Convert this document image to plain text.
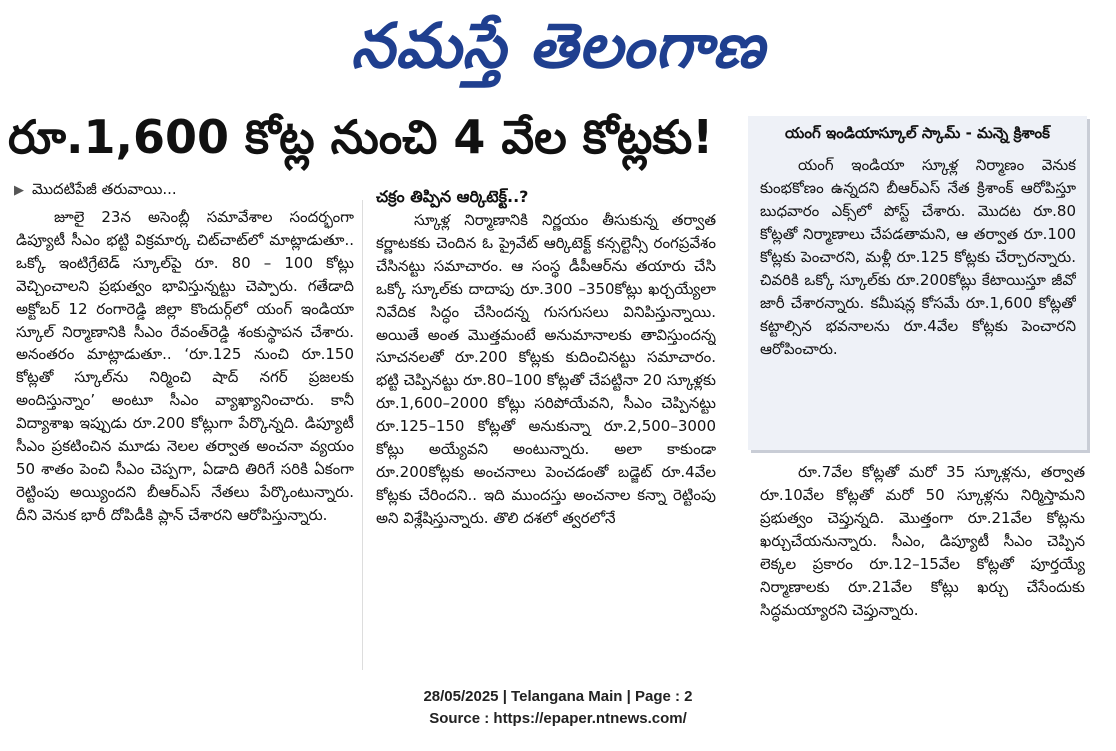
నమస్తే తెలంగాణ
రూ.1,600 కోట్ల నుంచి 4 వేల కోట్లకు!
▶ మొదటిపేజీ తరువాయి...

జూలై 23న అసెంబ్లీ సమావేశాల సందర్భంగా డిప్యూటీ సీఎం భట్టి విక్రమార్క చిట్‌చాట్‌లో మాట్లాడుతూ.. ఒక్కో ఇంటిగ్రేటెడ్ స్కూల్‌పై రూ. 80 – 100 కోట్లు వెచ్చించాలని ప్రభుత్వం భావిస్తున్నట్టు చెప్పారు. గతేడాది అక్టోబర్ 12 రంగారెడ్డి జిల్లా కొందుర్గ్‌లో యంగ్ ఇండియా స్కూల్ నిర్మాణానికి సీఎం రేవంత్‌రెడ్డి శంకుస్థాపన చేశారు. అనంతరం మాట్లాడుతూ.. ‘రూ.125 నుంచి రూ.150 కోట్లతో స్కూల్‌ను నిర్మించి షాద్ నగర్ ప్రజలకు అందిస్తున్నాం’ అంటూ సీఎం వ్యాఖ్యానించారు. కానీ విద్యాశాఖ ఇప్పుడు రూ.200 కోట్లుగా పేర్కొన్నది. డిప్యూటీ సీఎం ప్రకటించిన మూడు నెలల తర్వాత అంచనా వ్యయం 50 శాతం పెంచి సీఎం చెప్పగా, ఏడాది తిరిగే సరికి ఏకంగా రెట్టింపు అయ్యిందని బీఆర్‌ఎస్ నేతలు పేర్కొంటున్నారు. దీని వెనుక భారీ దోపిడీకి ప్లాన్ చేశారని ఆరోపిస్తున్నారు.

చక్రం తిప్పిన ఆర్కిటెక్ట్..?

స్కూళ్ల నిర్మాణానికి నిర్ణయం తీసుకున్న తర్వాత కర్ణాటకకు చెందిన ఓ ప్రైవేట్ ఆర్కిటెక్ట్ కన్సల్టెన్సీ రంగప్రవేశం చేసినట్టు సమాచారం. ఆ సంస్థ డీపీఆర్‌ను తయారు చేసి ఒక్కో స్కూల్‌కు దాదాపు రూ.300 –350కోట్లు ఖర్చయ్యేలా నివేదిక సిద్ధం చేసిందన్న గుసగుసలు వినిపిస్తున్నాయి. అయితే అంత మొత్తమంటే అనుమానాలకు తావిస్తుందన్న సూచనలతో రూ.200 కోట్లకు కుదించినట్టు సమాచారం. భట్టి చెప్పినట్టు రూ.80–100 కోట్లతో చేపట్టినా 20 స్కూళ్లకు రూ.1,600–2000 కోట్లు సరిపోయేవని, సీఎం చెప్పినట్టు రూ.125–150 కోట్లతో అనుకున్నా రూ.2,500–3000 కోట్లు అయ్యేవని అంటున్నారు. అలా కాకుండా రూ.200కోట్లకు అంచనాలు పెంచడంతో బడ్జెట్ రూ.4వేల కోట్లకు చేరిందని.. ఇది ముందస్తు అంచనాల కన్నా రెట్టింపు అని విశ్లేషిస్తున్నారు. తొలి దశలో త్వరలోనే

యంగ్ ఇండియాస్కూల్ స్కామ్ - మన్నె క్రిశాంక్

యంగ్ ఇండియా స్కూళ్ల నిర్మాణం వెనుక కుంభకోణం ఉన్నదని బీఆర్‌ఎస్ నేత క్రిశాంక్ ఆరోపిస్తూ బుధవారం ఎక్స్‌లో పోస్ట్ చేశారు. మొదట రూ.80 కోట్లతో నిర్మాణాలు చేపడతామని, ఆ తర్వాత రూ.100 కోట్లకు పెంచారని, మళ్లీ రూ.125 కోట్లకు చేర్చారన్నారు. చివరికి ఒక్కో స్కూల్‌కు రూ.200కోట్లు కేటాయిస్తూ జీవో జారీ చేశారన్నారు. కమీషన్ల కోసమే రూ.1,600 కోట్లతో కట్టాల్సిన భవనాలను రూ.4వేల కోట్లకు పెంచారని ఆరోపించారు.

రూ.7వేల కోట్లతో మరో 35 స్కూళ్లను, తర్వాత రూ.10వేల కోట్లతో మరో 50 స్కూళ్లను నిర్మిస్తామని ప్రభుత్వం చెప్తున్నది. మొత్తంగా రూ.21వేల కోట్లను ఖర్చుచేయనున్నారు. సీఎం, డిప్యూటీ సీఎం చెప్పిన లెక్కల ప్రకారం రూ.12–15వేల కోట్లతో పూర్తయ్యే నిర్మాణాలకు రూ.21వేల కోట్లు ఖర్చు చేసేందుకు సిద్ధమయ్యారని చెప్తున్నారు.

28/05/2025 | Telangana Main | Page : 2
Source : https://epaper.ntnews.com/
